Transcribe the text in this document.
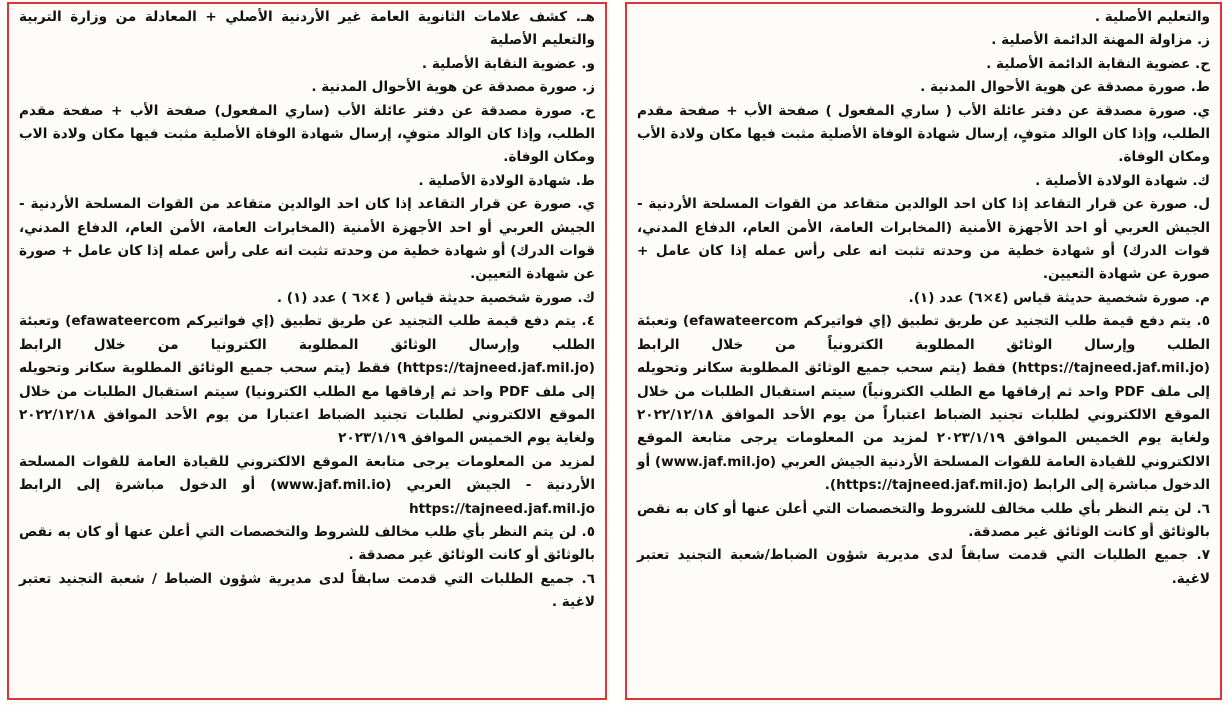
هـ. كشف علامات الثانوية العامة غير الأردنية الأصلي + المعادلة من وزارة التربية والتعليم الأصلية

و. عضوية النقابة الأصلية .

ز. صورة مصدقة عن هوية الأحوال المدنية .

ح. صورة مصدقة عن دفتر عائلة الأب (ساري المفعول) صفحة الأب + صفحة مقدم الطلب، وإذا كان الوالد متوفٍ، إرسال شهادة الوفاة الأصلية مثبت فيها مكان ولادة الاب ومكان الوفاة.

ط. شهادة الولادة الأصلية .

ي. صورة عن قرار التقاعد إذا كان احد الوالدين متقاعد من القوات المسلحة الأردنية - الجيش العربي أو احد الأجهزة الأمنية (المخابرات العامة، الأمن العام، الدفاع المدني، قوات الدرك) أو شهادة خطية من وحدته تثبت انه على رأس عمله إذا كان عامل + صورة عن شهادة التعيين.

ك. صورة شخصية حديثة قياس ( ٤×٦ ) عدد (١) .

٤. يتم دفع قيمة طلب التجنيد عن طريق تطبيق (إي فواتيركم efawateercom) وتعبئة الطلب وإرسال الوثائق المطلوبة الكترونيا من خلال الرابط (https://tajneed.jaf.mil.jo) فقط (يتم سحب جميع الوثائق المطلوبة سكانر وتحويله إلى ملف PDF واحد ثم إرفاقها مع الطلب الكترونيا) سيتم استقبال الطلبات من خلال الموقع الالكتروني لطلبات تجنيد الضباط اعتبارا من يوم الأحد الموافق ٢٠٢٢/١٢/١٨ ولغاية يوم الخميس الموافق ٢٠٢٣/١/١٩

لمزيد من المعلومات يرجى متابعة الموقع الالكتروني للقيادة العامة للقوات المسلحة الأردنية - الجيش العربي (www.jaf.mil.io) أو الدخول مباشرة إلى الرابط https://tajneed.jaf.mil.jo

٥. لن يتم النظر بأي طلب مخالف للشروط والتخصصات التي أعلن عنها أو كان به نقص بالوثائق أو كانت الوثائق غير مصدقة .

٦. جميع الطلبات التي قدمت سابقاً لدى مديرية شؤون الضباط / شعبة التجنيد تعتبر لاغية .

والتعليم الأصلية .

ز. مزاولة المهنة الدائمة الأصلية .

ح. عضوية النقابة الدائمة الأصلية .

ط. صورة مصدقة عن هوية الأحوال المدنية .

ي. صورة مصدقة عن دفتر عائلة الأب ( ساري المفعول ) صفحة الأب + صفحة مقدم الطلب، وإذا كان الوالد متوفٍ، إرسال شهادة الوفاة الأصلية مثبت فيها مكان ولادة الأب ومكان الوفاة.

ك. شهادة الولادة الأصلية .

ل. صورة عن قرار التقاعد إذا كان احد الوالدين متقاعد من القوات المسلحة الأردنية - الجيش العربي أو احد الأجهزة الأمنية (المخابرات العامة، الأمن العام، الدفاع المدني، قوات الدرك) أو شهادة خطية من وحدته تثبت انه على رأس عمله إذا كان عامل + صورة عن شهادة التعيين.

م. صورة شخصية حديثة قياس (٤×٦) عدد (١).

٥. يتم دفع قيمة طلب التجنيد عن طريق تطبيق (إي فواتيركم efawateercom) وتعبئة الطلب وإرسال الوثائق المطلوبة الكترونياً من خلال الرابط (https://tajneed.jaf.mil.jo) فقط (يتم سحب جميع الوثائق المطلوبة سكانر وتحويله إلى ملف PDF واحد ثم إرفاقها مع الطلب الكترونياً) سيتم استقبال الطلبات من خلال الموقع الالكتروني لطلبات تجنيد الضباط اعتباراً من يوم الأحد الموافق ٢٠٢٢/١٢/١٨ ولغاية يوم الخميس الموافق ٢٠٢٣/١/١٩ لمزيد من المعلومات يرجى متابعة الموقع الالكتروني للقيادة العامة للقوات المسلحة الأردنية الجيش العربي (www.jaf.mil.jo) أو الدخول مباشرة إلى الرابط (https://tajneed.jaf.mil.jo).

٦. لن يتم النظر بأي طلب مخالف للشروط والتخصصات التي أعلن عنها أو كان به نقص بالوثائق أو كانت الوثائق غير مصدقة.

٧. جميع الطلبات التي قدمت سابقاً لدى مديرية شؤون الضباط/شعبة التجنيد تعتبر لاغية.
